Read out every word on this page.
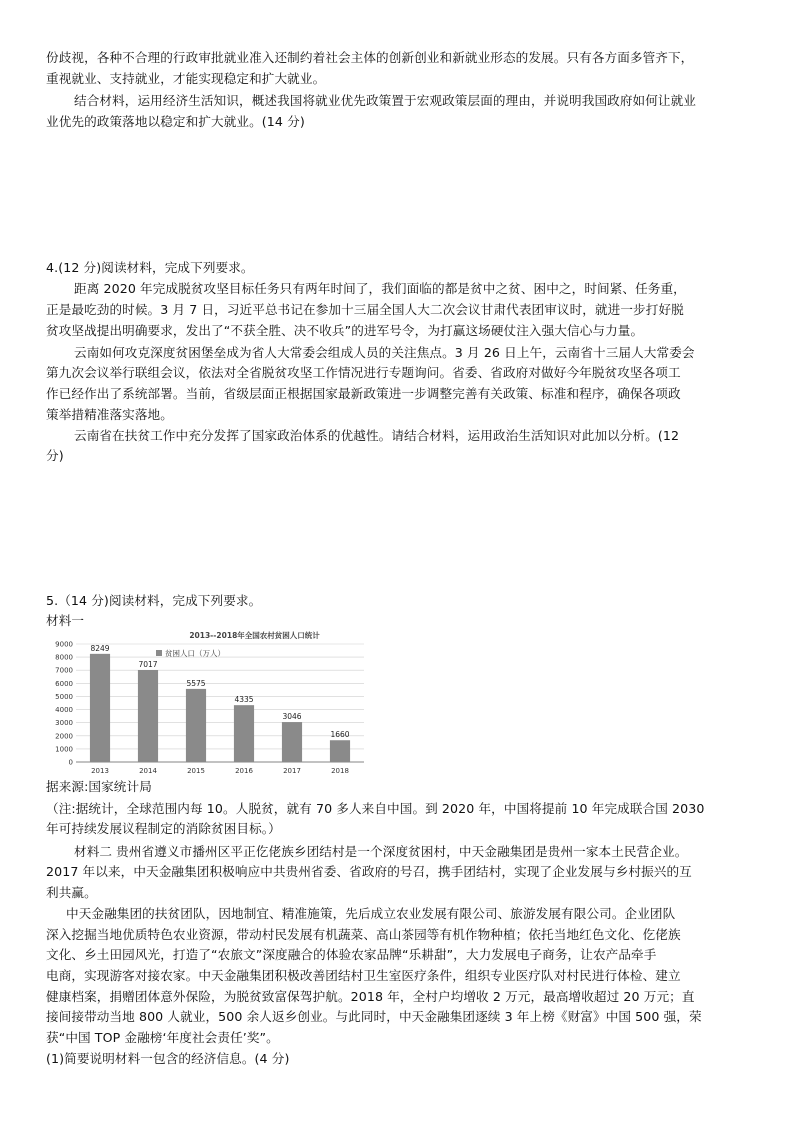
份歧视，各种不合理的行政审批就业准入还制约着社会主体的创新创业和新就业形态的发展。只有各方面多管齐下，
重视就业、支持就业，才能实现稳定和扩大就业。
结合材料，运用经济生活知识，概述我国将就业优先政策置于宏观政策层面的理由，并说明我国政府如何让就业
业优先的政策落地以稳定和扩大就业。(14 分)
4.(12 分)阅读材料，完成下列要求。
距离 2020 年完成脱贫攻坚目标任务只有两年时间了，我们面临的都是贫中之贫、困中之，时间紧、任务重，
正是最吃劲的时候。3 月 7 日，习近平总书记在参加十三届全国人大二次会议甘肃代表团审议时，就进一步打好脱
贫攻坚战提出明确要求，发出了“不获全胜、决不收兵”的进军号令，为打赢这场硬仗注入强大信心与力量。
云南如何攻克深度贫困堡垒成为省人大常委会组成人员的关注焦点。3 月 26 日上午，云南省十三届人大常委会
第九次会议举行联组会议，依法对全省脱贫攻坚工作情况进行专题询问。省委、省政府对做好今年脱贫攻坚各项工
作已经作出了系统部署。当前，省级层面正根据国家最新政策进一步调整完善有关政策、标准和程序，确保各项政
策举措精准落实落地。
云南省在扶贫工作中充分发挥了国家政治体系的优越性。请结合材料，运用政治生活知识对此加以分析。(12
分)
5.（14 分)阅读材料，完成下列要求。
材料一
2013--2018年全国农村贫困人口统计
0
1000
2000
3000
4000
5000
6000
7000
8000
9000 8249
2013
7017
2014
5575
2015
4335
2016
3046
2017
1660
2018
贫困人口（万人）
据来源:国家统计局
（注:据统计，全球范围内每 10。人脱贫，就有 70 多人来自中国。到 2020 年，中国将提前 10 年完成联合国 2030
年可持续发展议程制定的消除贫困目标。）
材料二 贵州省遵义市播州区平正仡佬族乡团结村是一个深度贫困村，中天金融集团是贵州一家本土民营企业。
2017 年以来，中天金融集团积极响应中共贵州省委、省政府的号召，携手团结村，实现了企业发展与乡村振兴的互
利共赢。
中天金融集团的扶贫团队，因地制宜、精准施策，先后成立农业发展有限公司、旅游发展有限公司。企业团队
深入挖掘当地优质特色农业资源，带动村民发展有机蔬菜、高山茶园等有机作物种植；依托当地红色文化、仡佬族
文化、乡土田园风光，打造了“农旅文”深度融合的体验农家品牌“乐耕甜”，大力发展电子商务，让农产品牵手
电商，实现游客对接农家。中天金融集团积极改善团结村卫生室医疗条件，组织专业医疗队对村民进行体检、建立
健康档案，捐赠团体意外保险，为脱贫致富保驾护航。2018 年，全村户均增收 2 万元，最高增收超过 20 万元；直
接间接带动当地 800 人就业，500 余人返乡创业。与此同时，中天金融集团逐续 3 年上榜《财富》中国 500 强，荣
获“中国 TOP 金融榜‘年度社会责任’奖”。
(1)简要说明材料一包含的经济信息。(4 分)
